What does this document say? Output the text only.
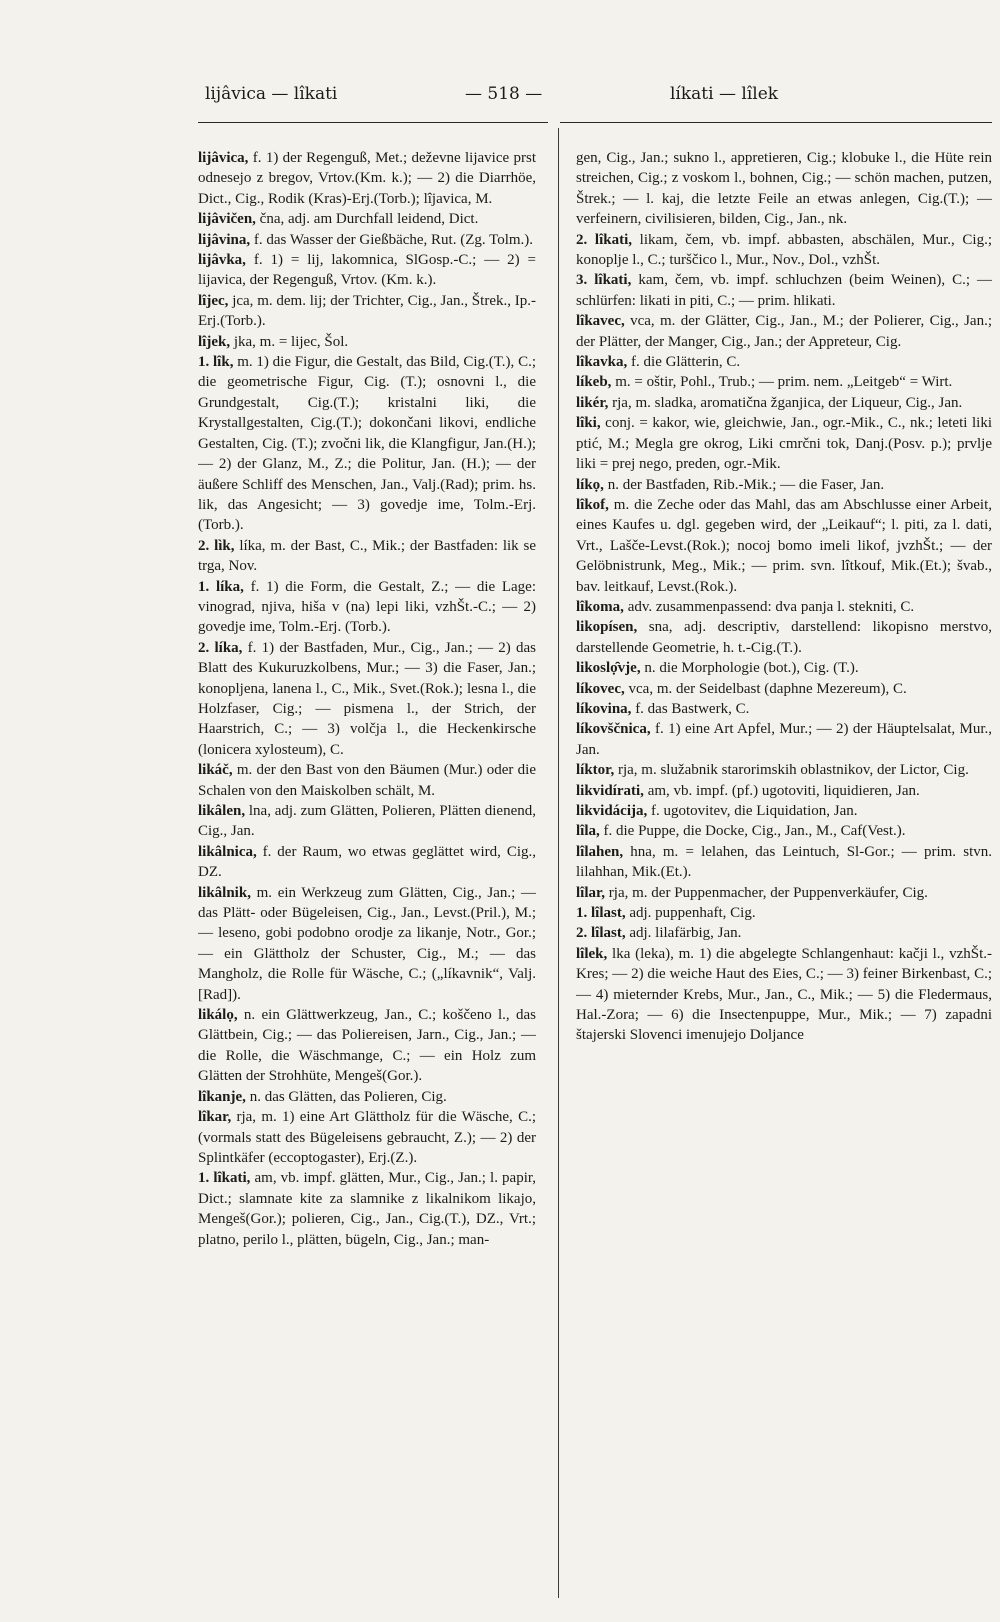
lijâvica — lîkati	— 518 —	líkati — lîlek
lijâvica, f. 1) der Regenguß, Met.; deževne lijavice prst odnesejo z bregov, Vrtov.(Km. k.); — 2) die Diarrhöe, Dict., Cig., Rodik (Kras)-Erj.(Torb.); lîjavica, M.
lijâvičen, čna, adj. am Durchfall leidend, Dict.
lijâvina, f. das Wasser der Gießbäche, Rut. (Zg. Tolm.).
lijâvka, f. 1) = lij, lakomnica, SlGosp.-C.; — 2) = lijavica, der Regenguß, Vrtov. (Km. k.).
lîjec, jca, m. dem. lij; der Trichter, Cig., Jan., Štrek., Ip.-Erj.(Torb.).
lîjek, jka, m. = lijec, Šol.
1. lîk, m. 1) die Figur, die Gestalt, das Bild, Cig.(T.), C.; die geometrische Figur, Cig. (T.); osnovni l., die Grundgestalt, Cig.(T.); kristalni liki, die Krystallgestalten, Cig.(T.); dokončani likovi, endliche Gestalten, Cig. (T.); zvočni lik, die Klangfigur, Jan.(H.); — 2) der Glanz, M., Z.; die Politur, Jan. (H.); — der äußere Schliff des Menschen, Jan., Valj.(Rad); prim. hs. lik, das Angesicht; — 3) govedje ime, Tolm.-Erj.(Torb.).
2. lìk, líka, m. der Bast, C., Mik.; der Bastfaden: lik se trga, Nov.
1. líka, f. 1) die Form, die Gestalt, Z.; — die Lage: vinograd, njiva, hiša v (na) lepi liki, vzhŠt.-C.; — 2) govedje ime, Tolm.-Erj. (Torb.).
2. líka, f. 1) der Bastfaden, Mur., Cig., Jan.; — 2) das Blatt des Kukuruzkolbens, Mur.; — 3) die Faser, Jan.; konopljena, lanena l., C., Mik., Svet.(Rok.); lesna l., die Holzfaser, Cig.; — pismena l., der Strich, der Haarstrich, C.; — 3) volčja l., die Heckenkirsche (lonicera xylosteum), C.
likáč, m. der den Bast von den Bäumen (Mur.) oder die Schalen von den Maiskolben schält, M.
likâlen, lna, adj. zum Glätten, Polieren, Plätten dienend, Cig., Jan.
likâlnica, f. der Raum, wo etwas geglättet wird, Cig., DZ.
likâlnik, m. ein Werkzeug zum Glätten, Cig., Jan.; — das Plätt- oder Bügeleisen, Cig., Jan., Levst.(Pril.), M.; — leseno, gobi podobno orodje za likanje, Notr., Gor.; — ein Glättholz der Schuster, Cig., M.; — das Mangholz, die Rolle für Wäsche, C.; („líkavnik“, Valj.[Rad]).
likálọ, n. ein Glättwerkzeug, Jan., C.; koščeno l., das Glättbein, Cig.; — das Poliereisen, Jarn., Cig., Jan.; — die Rolle, die Wäschmange, C.; — ein Holz zum Glätten der Strohhüte, Mengeš(Gor.).
lîkanje, n. das Glätten, das Polieren, Cig.
lîkar, rja, m. 1) eine Art Glättholz für die Wäsche, C.; (vormals statt des Bügeleisens gebraucht, Z.); — 2) der Splintkäfer (eccoptogaster), Erj.(Z.).
1. lîkati, am, vb. impf. glätten, Mur., Cig., Jan.; l. papir, Dict.; slamnate kite za slamnike z likalnikom likajo, Mengeš(Gor.); polieren, Cig., Jan., Cig.(T.), DZ., Vrt.; platno, perilo l., plätten, bügeln, Cig., Jan.; man-
gen, Cig., Jan.; sukno l., appretieren, Cig.; klobuke l., die Hüte rein streichen, Cig.; z voskom l., bohnen, Cig.; — schön machen, putzen, Štrek.; — l. kaj, die letzte Feile an etwas anlegen, Cig.(T.); — verfeinern, civilisieren, bilden, Cig., Jan., nk.
2. lîkati, likam, čem, vb. impf. abbasten, abschälen, Mur., Cig.; konoplje l., C.; turščico l., Mur., Nov., Dol., vzhŠt.
3. lîkati, kam, čem, vb. impf. schluchzen (beim Weinen), C.; — schlürfen: likati in piti, C.; — prim. hlikati.
lîkavec, vca, m. der Glätter, Cig., Jan., M.; der Polierer, Cig., Jan.; der Plätter, der Manger, Cig., Jan.; der Appreteur, Cig.
lîkavka, f. die Glätterin, C.
líkeb, m. = oštir, Pohl., Trub.; — prim. nem. „Leitgeb“ = Wirt.
likér, rja, m. sladka, aromatična žganjica, der Liqueur, Cig., Jan.
lîki, conj. = kakor, wie, gleichwie, Jan., ogr.-Mik., C., nk.; leteti liki ptić, M.; Megla gre okrog, Liki cmrčni tok, Danj.(Posv. p.); prvlje liki = prej nego, preden, ogr.-Mik.
líkọ, n. der Bastfaden, Rib.-Mik.; — die Faser, Jan.
lîkof, m. die Zeche oder das Mahl, das am Abschlusse einer Arbeit, eines Kaufes u. dgl. gegeben wird, der „Leikauf“; l. piti, za l. dati, Vrt., Lašče-Levst.(Rok.); nocoj bomo imeli likof, jvzhŠt.; — der Gelöbnistrunk, Meg., Mik.; — prim. svn. lîtkouf, Mik.(Et.); švab., bav. leitkauf, Levst.(Rok.).
lîkoma, adv. zusammenpassend: dva panja l. stekniti, C.
likopísen, sna, adj. descriptiv, darstellend: likopisno merstvo, darstellende Geometrie, h. t.-Cig.(T.).
likoslọ̑vje, n. die Morphologie (bot.), Cig. (T.).
líkovec, vca, m. der Seidelbast (daphne Mezereum), C.
líkovina, f. das Bastwerk, C.
líkovščnica, f. 1) eine Art Apfel, Mur.; — 2) der Häuptelsalat, Mur., Jan.
líktor, rja, m. služabnik starorimskih oblastnikov, der Lictor, Cig.
likvidírati, am, vb. impf. (pf.) ugotoviti, liquidieren, Jan.
likvidácija, f. ugotovitev, die Liquidation, Jan.
lîla, f. die Puppe, die Docke, Cig., Jan., M., Caf(Vest.).
lîlahen, hna, m. = lelahen, das Leintuch, Sl-Gor.; — prim. stvn. lilahhan, Mik.(Et.).
lîlar, rja, m. der Puppenmacher, der Puppenverkäufer, Cig.
1. lîlast, adj. puppenhaft, Cig.
2. lîlast, adj. lilafärbig, Jan.
lîlek, lka (leka), m. 1) die abgelegte Schlangenhaut: kačji l., vzhŠt.-Kres; — 2) die weiche Haut des Eies, C.; — 3) feiner Birkenbast, C.; — 4) mieternder Krebs, Mur., Jan., C., Mik.; — 5) die Fledermaus, Hal.-Zora; — 6) die Insectenpuppe, Mur., Mik.; — 7) zapadni štajerski Slovenci imenujejo Doljance
